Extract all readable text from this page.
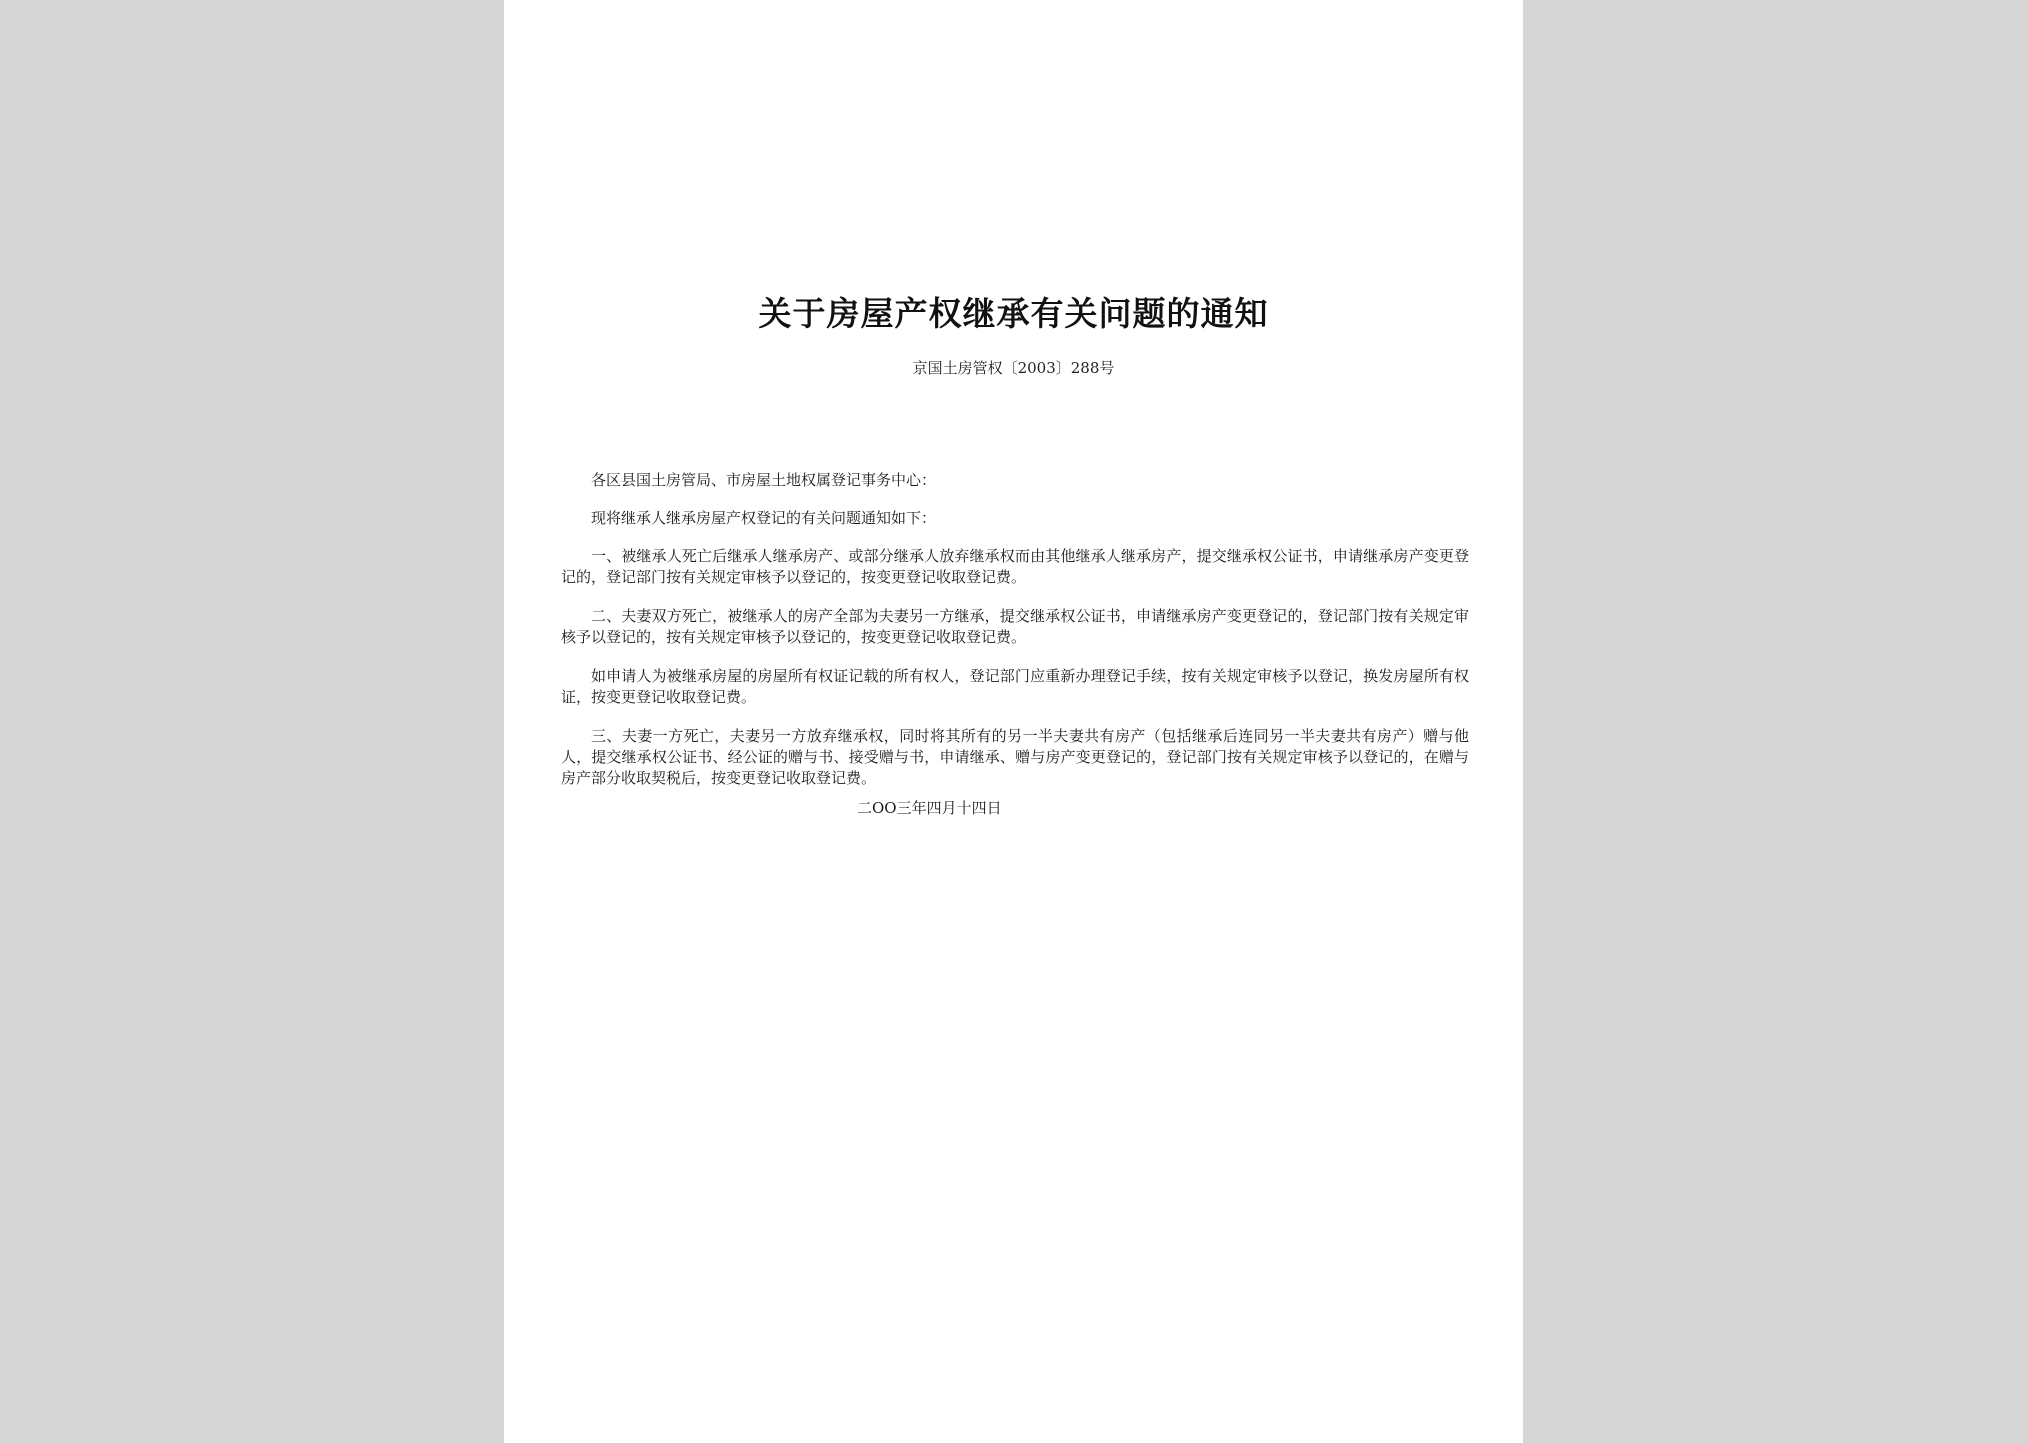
关于房屋产权继承有关问题的通知
京国土房管权〔2003〕288号

各区县国土房管局、市房屋土地权属登记事务中心：

现将继承人继承房屋产权登记的有关问题通知如下：

一、被继承人死亡后继承人继承房产、或部分继承人放弃继承权而由其他继承人继承房产，提交继承权公证书，申请继承房产变更登记的，登记部门按有关规定审核予以登记的，按变更登记收取登记费。

二、夫妻双方死亡，被继承人的房产全部为夫妻另一方继承，提交继承权公证书，申请继承房产变更登记的，登记部门按有关规定审核予以登记的，按有关规定审核予以登记的，按变更登记收取登记费。

如申请人为被继承房屋的房屋所有权证记载的所有权人，登记部门应重新办理登记手续，按有关规定审核予以登记，换发房屋所有权证，按变更登记收取登记费。

三、夫妻一方死亡，夫妻另一方放弃继承权，同时将其所有的另一半夫妻共有房产（包括继承后连同另一半夫妻共有房产）赠与他人，提交继承权公证书、经公证的赠与书、接受赠与书，申请继承、赠与房产变更登记的，登记部门按有关规定审核予以登记的，在赠与房产部分收取契税后，按变更登记收取登记费。

二OO三年四月十四日
